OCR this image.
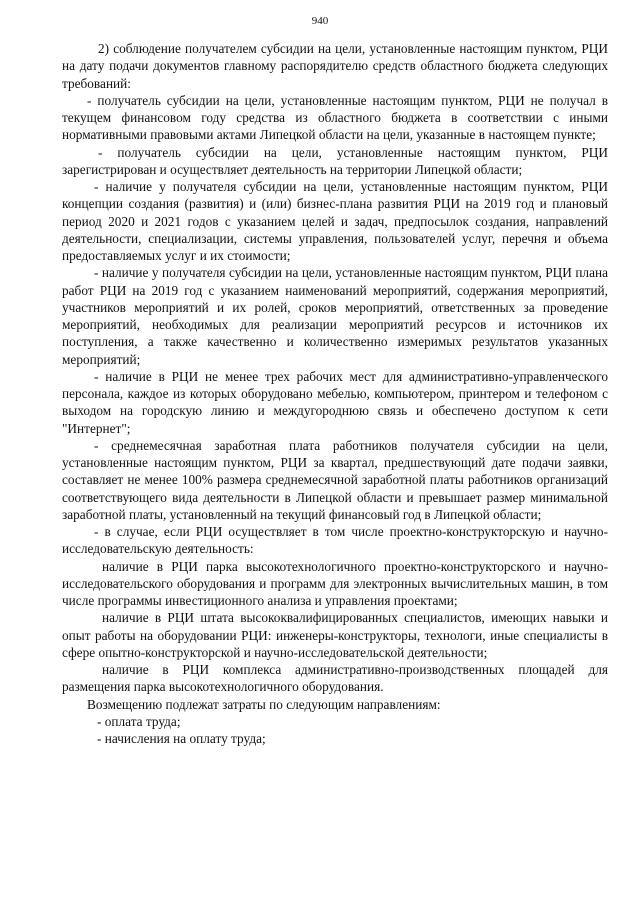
940

2) соблюдение получателем субсидии на цели, установленные настоящим пунктом, РЦИ на дату подачи документов главному распорядителю средств областного бюджета следующих требований:

- получатель субсидии на цели, установленные настоящим пунктом, РЦИ не получал в текущем финансовом году средства из областного бюджета в соответствии с иными нормативными правовыми актами Липецкой области на цели, указанные в настоящем пункте;

- получатель субсидии на цели, установленные настоящим пунктом, РЦИ зарегистрирован и осуществляет деятельность на территории Липецкой области;

- наличие у получателя субсидии на цели, установленные настоящим пунктом, РЦИ концепции создания (развития) и (или) бизнес-плана развития РЦИ на 2019 год и плановый период 2020 и 2021 годов с указанием целей и задач, предпосылок создания, направлений деятельности, специализации, системы управления, пользователей услуг, перечня и объема предоставляемых услуг и их стоимости;

- наличие у получателя субсидии на цели, установленные настоящим пунктом, РЦИ плана работ РЦИ на 2019 год с указанием наименований мероприятий, содержания мероприятий, участников мероприятий и их ролей, сроков мероприятий, ответственных за проведение мероприятий, необходимых для реализации мероприятий ресурсов и источников их поступления, а также качественно и количественно измеримых результатов указанных мероприятий;

- наличие в РЦИ не менее трех рабочих мест для административно-управленческого персонала, каждое из которых оборудовано мебелью, компьютером, принтером и телефоном с выходом на городскую линию и междугороднюю связь и обеспечено доступом к сети "Интернет";

- среднемесячная заработная плата работников получателя субсидии на цели, установленные настоящим пунктом, РЦИ за квартал, предшествующий дате подачи заявки, составляет не менее 100% размера среднемесячной заработной платы работников организаций соответствующего вида деятельности в Липецкой области и превышает размер минимальной заработной платы, установленный на текущий финансовый год в Липецкой области;

- в случае, если РЦИ осуществляет в том числе проектно-конструкторскую и научно-исследовательскую деятельность:

наличие в РЦИ парка высокотехнологичного проектно-конструкторского и научно-исследовательского оборудования и программ для электронных вычислительных машин, в том числе программы инвестиционного анализа и управления проектами;

наличие в РЦИ штата высококвалифицированных специалистов, имеющих навыки и опыт работы на оборудовании РЦИ: инженеры-конструкторы, технологи, иные специалисты в сфере опытно-конструкторской и научно-исследовательской деятельности;

наличие в РЦИ комплекса административно-производственных площадей для размещения парка высокотехнологичного оборудования.

Возмещению подлежат затраты по следующим направлениям:

- оплата труда;

- начисления на оплату труда;
